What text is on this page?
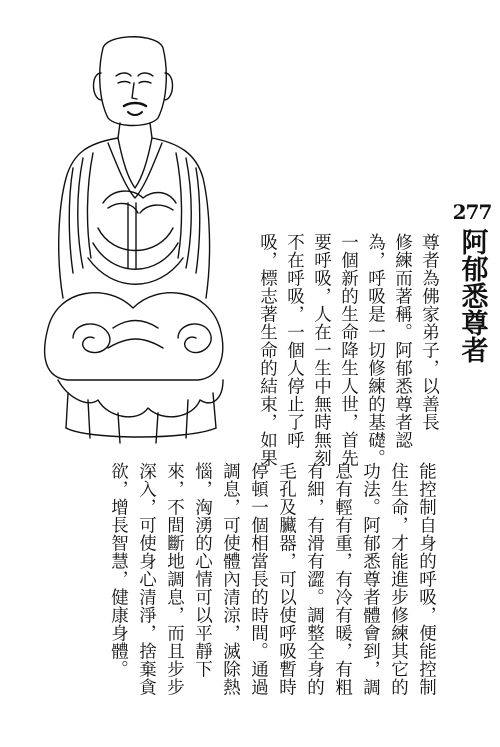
277
阿郁悉尊者
尊者為佛家弟子，以善長
修練而著稱。阿郁悉尊者認
為，呼吸是一切修練的基礎。
一個新的生命降生人世，首先
要呼吸，人在一生中無時無刻
不在呼吸，一個人停止了呼
吸，標志著生命的結束，如果
能控制自身的呼吸，便能控制
住生命，才能進步修練其它的
功法。阿郁悉尊者體會到，調
息有輕有重，有冷有暖，有粗
有細，有滑有澀。調整全身的
毛孔及臟器，可以使呼吸暫時
停頓一個相當長的時間。通過
調息，可使體內清涼，滅除熱
惱，洶湧的心情可以平靜下
來，不間斷地調息，而且步步
深入，可使身心清淨，捨棄貪
欲，增長智慧，健康身體。
